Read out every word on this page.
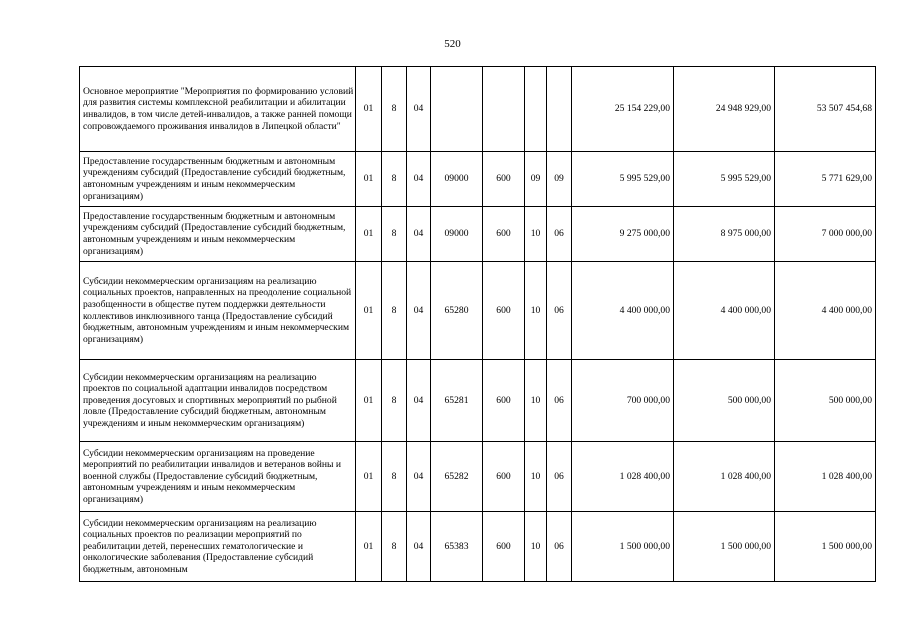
520
Основное мероприятие "Мероприятия по формированию условий для развития системы комплексной реабилитации и абилитации инвалидов, в том числе детей-инвалидов, а также ранней помощи сопровождаемого проживания инвалидов в Липецкой области"	01	8	04					25 154 229,00	24 948 929,00	53 507 454,68
Предоставление государственным бюджетным и автономным учреждениям субсидий (Предоставление субсидий бюджетным, автономным учреждениям и иным некоммерческим организациям)	01	8	04	09000	600	09	09	5 995 529,00	5 995 529,00	5 771 629,00
Предоставление государственным бюджетным и автономным учреждениям субсидий (Предоставление субсидий бюджетным, автономным учреждениям и иным некоммерческим организациям)	01	8	04	09000	600	10	06	9 275 000,00	8 975 000,00	7 000 000,00
Субсидии некоммерческим организациям на реализацию социальных проектов, направленных на преодоление социальной разобщенности в обществе путем поддержки деятельности коллективов инклюзивного танца (Предоставление субсидий бюджетным, автономным учреждениям и иным некоммерческим организациям)	01	8	04	65280	600	10	06	4 400 000,00	4 400 000,00	4 400 000,00
Субсидии некоммерческим организациям на реализацию проектов по социальной адаптации инвалидов посредством проведения досуговых и спортивных мероприятий по рыбной ловле (Предоставление субсидий бюджетным, автономным учреждениям и иным некоммерческим организациям)	01	8	04	65281	600	10	06	700 000,00	500 000,00	500 000,00
Субсидии некоммерческим организациям на проведение мероприятий по реабилитации инвалидов и ветеранов войны и военной службы (Предоставление субсидий бюджетным, автономным учреждениям и иным некоммерческим организациям)	01	8	04	65282	600	10	06	1 028 400,00	1 028 400,00	1 028 400,00
Субсидии некоммерческим организациям на реализацию социальных проектов по реализации мероприятий по реабилитации детей, перенесших гематологические и онкологические заболевания (Предоставление субсидий бюджетным, автономным	01	8	04	65383	600	10	06	1 500 000,00	1 500 000,00	1 500 000,00
